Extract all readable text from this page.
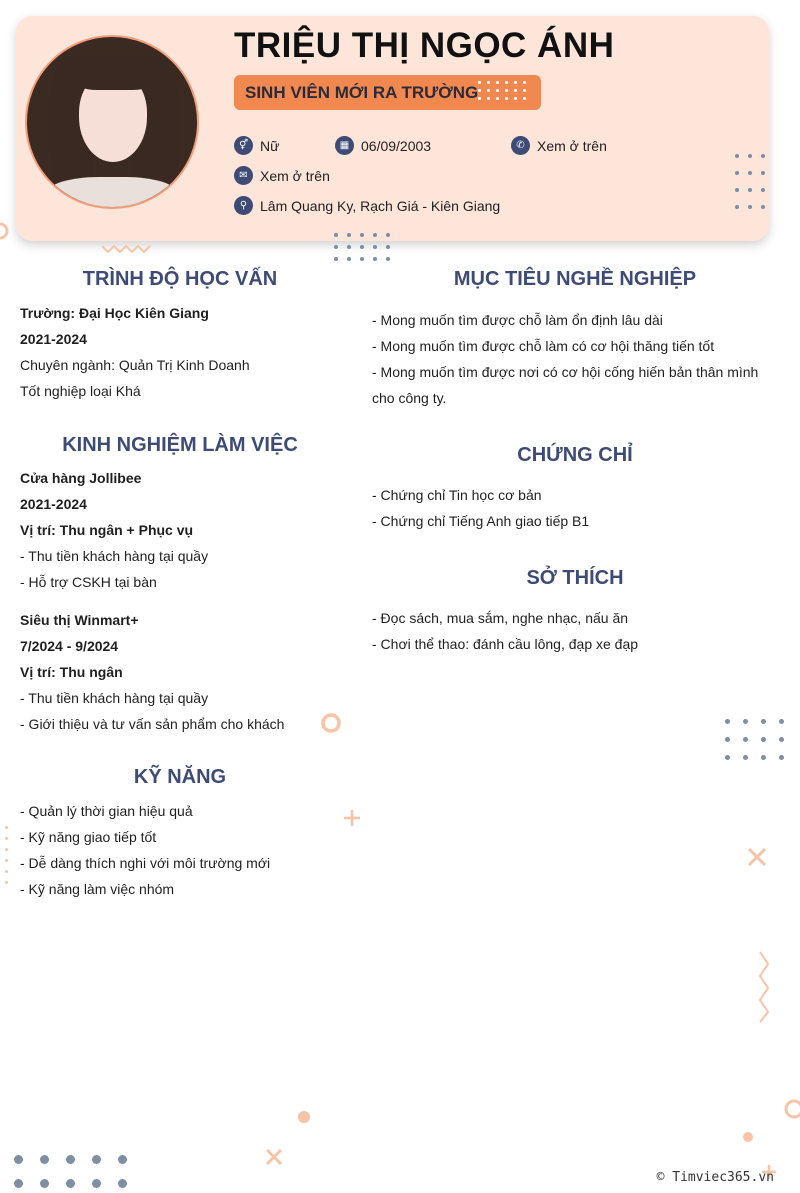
TRIỆU THỊ NGỌC ÁNH
SINH VIÊN MỚI RA TRƯỜNG
⚥ Nữ	▦ 06/09/2003	✆ Xem ở trên
✉ Xem ở trên
⚲ Lâm Quang Ky, Rạch Giá - Kiên Giang
TRÌNH ĐỘ HỌC VẤN
Trường: Đại Học Kiên Giang
2021-2024
Chuyên ngành: Quản Trị Kinh Doanh
Tốt nghiệp loại Khá
KINH NGHIỆM LÀM VIỆC
Cửa hàng Jollibee
2021-2024
Vị trí: Thu ngân + Phục vụ
- Thu tiền khách hàng tại quầy
- Hỗ trợ CSKH tại bàn
Siêu thị Winmart+
7/2024 - 9/2024
Vị trí: Thu ngân
- Thu tiền khách hàng tại quầy
- Giới thiệu và tư vấn sản phẩm cho khách
KỸ NĂNG
- Quản lý thời gian hiệu quả
- Kỹ năng giao tiếp tốt
- Dễ dàng thích nghi với môi trường mới
- Kỹ năng làm việc nhóm
MỤC TIÊU NGHỀ NGHIỆP
- Mong muốn tìm được chỗ làm ổn định lâu dài
- Mong muốn tìm được chỗ làm có cơ hội thăng tiến tốt
- Mong muốn tìm được nơi có cơ hội cống hiến bản thân mình cho công ty.
CHỨNG CHỈ
- Chứng chỉ Tin học cơ bản
- Chứng chỉ Tiếng Anh giao tiếp B1
SỞ THÍCH
- Đọc sách, mua sắm, nghe nhạc, nấu ăn
- Chơi thể thao: đánh cầu lông, đạp xe đạp
© Timviec365.vn
